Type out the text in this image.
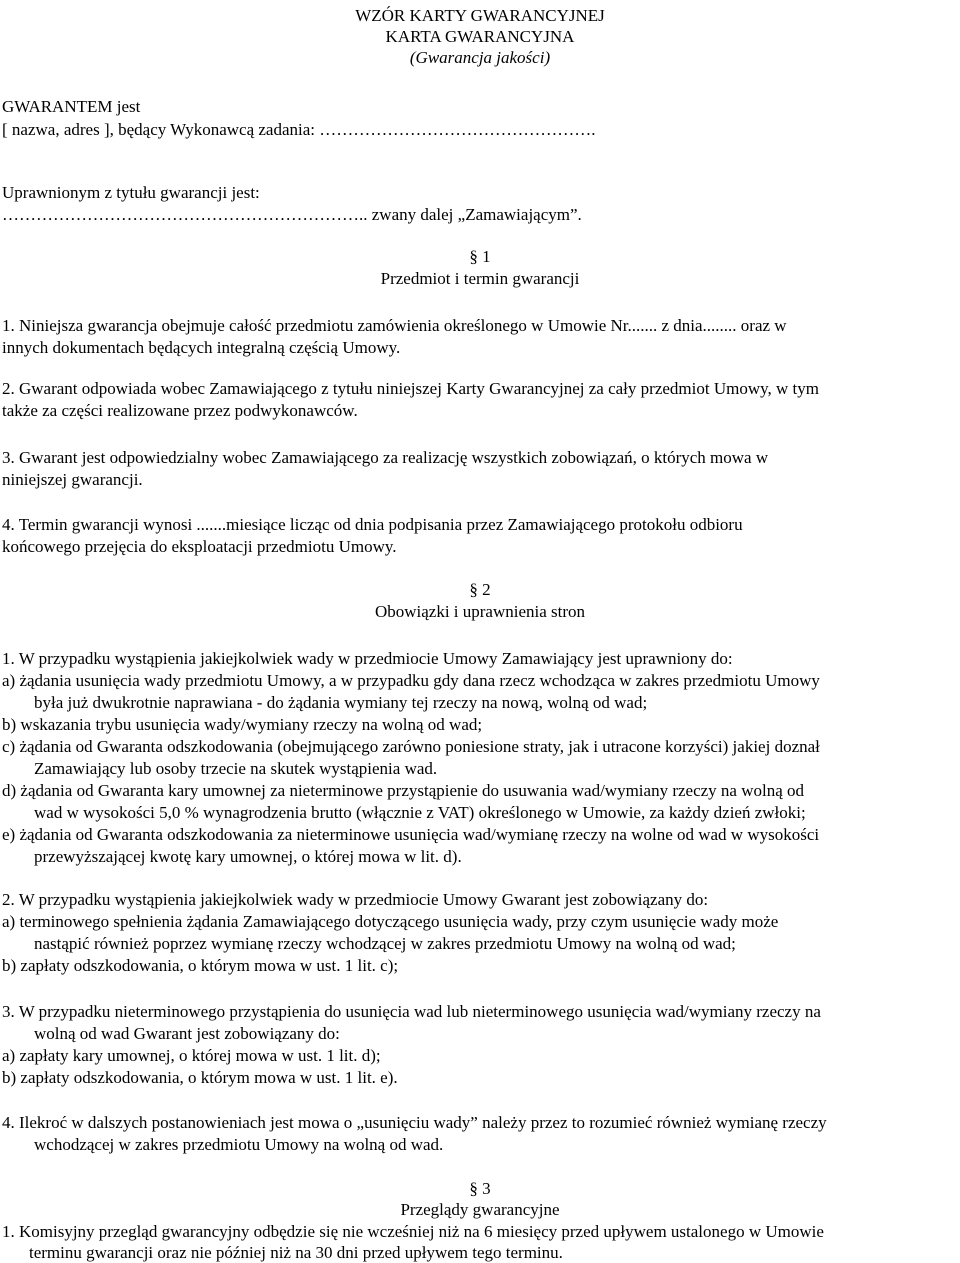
WZÓR KARTY GWARANCYJNEJ
KARTA GWARANCYJNA
(Gwarancja jakości)
GWARANTEM jest
[ nazwa, adres ], będący Wykonawcą zadania: ………………………………………….
Uprawnionym z tytułu gwarancji jest:
……………………………………………………….. zwany dalej „Zamawiającym”.
§ 1
Przedmiot i termin gwarancji
1. Niniejsza gwarancja obejmuje całość przedmiotu zamówienia określonego w Umowie Nr....... z dnia........ oraz w
innych dokumentach będących integralną częścią Umowy.
2. Gwarant odpowiada wobec Zamawiającego z tytułu niniejszej Karty Gwarancyjnej za cały przedmiot Umowy, w tym
także za części realizowane przez podwykonawców.
3. Gwarant jest odpowiedzialny wobec Zamawiającego za realizację wszystkich zobowiązań, o których mowa w
niniejszej gwarancji.
4. Termin gwarancji wynosi .......miesiące licząc od dnia podpisania przez Zamawiającego protokołu odbioru
końcowego przejęcia do eksploatacji przedmiotu Umowy.
§ 2
Obowiązki i uprawnienia stron
1. W przypadku wystąpienia jakiejkolwiek wady w przedmiocie Umowy Zamawiający jest uprawniony do:
a) żądania usunięcia wady przedmiotu Umowy, a w przypadku gdy dana rzecz wchodząca w zakres przedmiotu Umowy
była już dwukrotnie naprawiana - do żądania wymiany tej rzeczy na nową, wolną od wad;
b) wskazania trybu usunięcia wady/wymiany rzeczy na wolną od wad;
c) żądania od Gwaranta odszkodowania (obejmującego zarówno poniesione straty, jak i utracone korzyści) jakiej doznał
Zamawiający lub osoby trzecie na skutek wystąpienia wad.
d) żądania od Gwaranta kary umownej za nieterminowe przystąpienie do usuwania wad/wymiany rzeczy na wolną od
wad w wysokości 5,0 % wynagrodzenia brutto (włącznie z VAT) określonego w Umowie, za każdy dzień zwłoki;
e) żądania od Gwaranta odszkodowania za nieterminowe usunięcia wad/wymianę rzeczy na wolne od wad w wysokości
przewyższającej kwotę kary umownej, o której mowa w lit. d).
2. W przypadku wystąpienia jakiejkolwiek wady w przedmiocie Umowy Gwarant jest zobowiązany do:
a) terminowego spełnienia żądania Zamawiającego dotyczącego usunięcia wady, przy czym usunięcie wady może
nastąpić również poprzez wymianę rzeczy wchodzącej w zakres przedmiotu Umowy na wolną od wad;
b) zapłaty odszkodowania, o którym mowa w ust. 1 lit. c);
3. W przypadku nieterminowego przystąpienia do usunięcia wad lub nieterminowego usunięcia wad/wymiany rzeczy na
wolną od wad Gwarant jest zobowiązany do:
a) zapłaty kary umownej, o której mowa w ust. 1 lit. d);
b) zapłaty odszkodowania, o którym mowa w ust. 1 lit. e).
4. Ilekroć w dalszych postanowieniach jest mowa o „usunięciu wady” należy przez to rozumieć również wymianę rzeczy
wchodzącej w zakres przedmiotu Umowy na wolną od wad.
§ 3
Przeglądy gwarancyjne
1. Komisyjny przegląd gwarancyjny odbędzie się nie wcześniej niż na 6 miesięcy przed upływem ustalonego w Umowie
terminu gwarancji oraz nie później niż na 30 dni przed upływem tego terminu.
